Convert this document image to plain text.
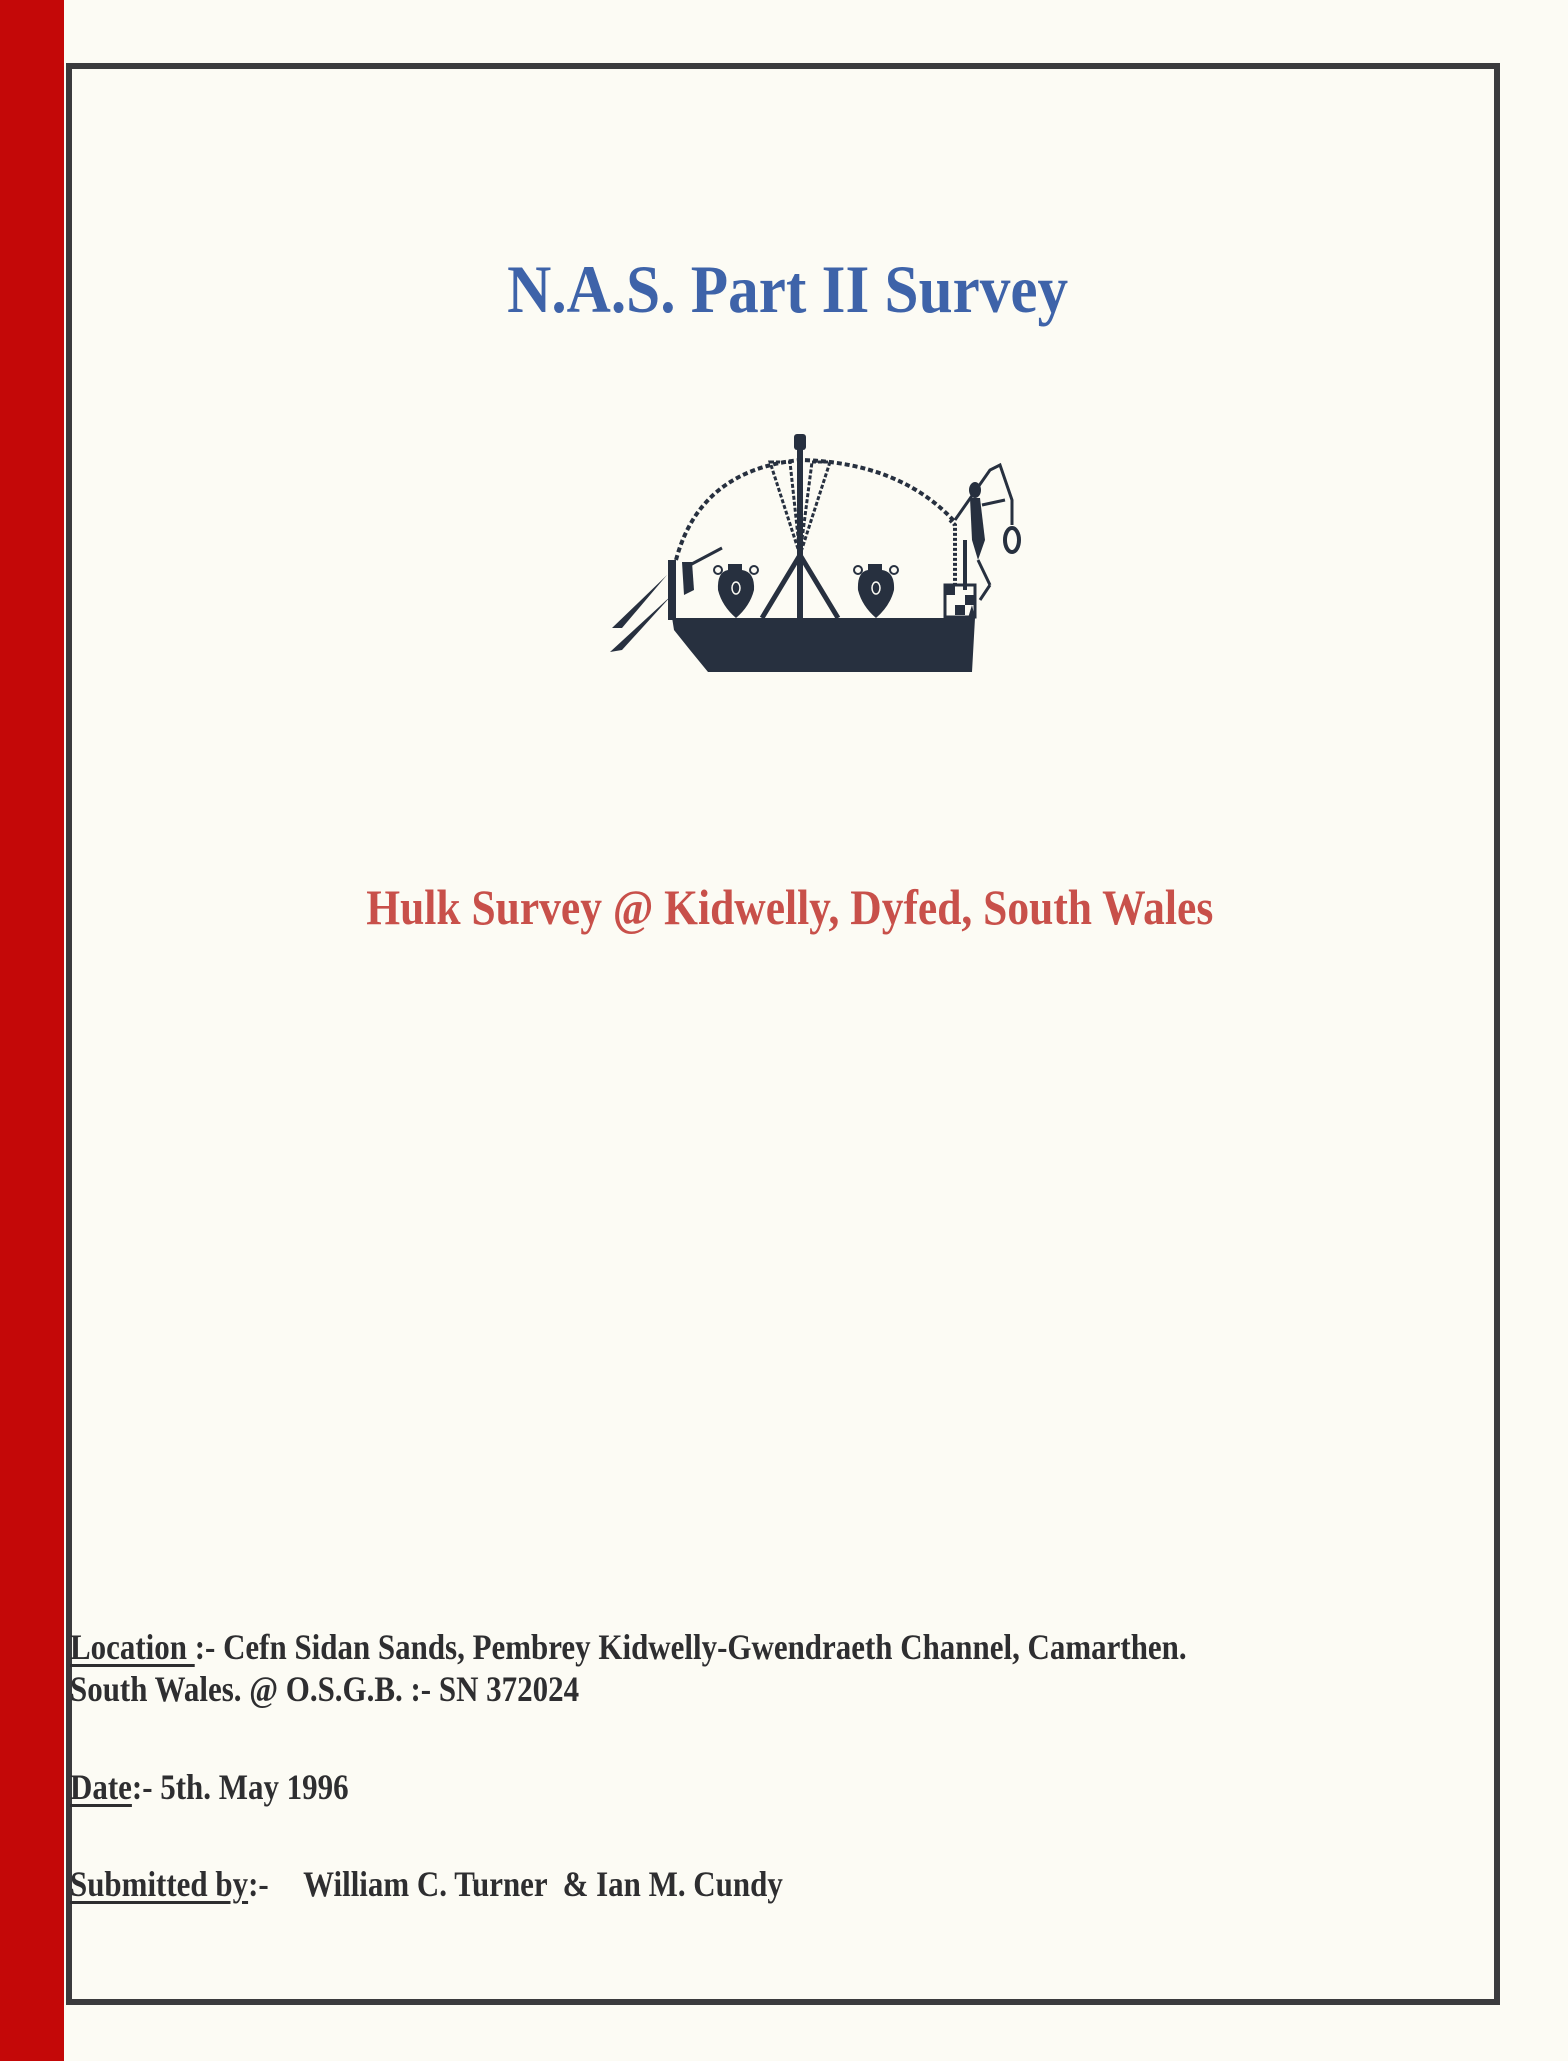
N.A.S. Part II Survey
Hulk Survey @ Kidwelly, Dyfed, South Wales
Location :- Cefn Sidan Sands, Pembrey Kidwelly-Gwendraeth Channel, Camarthen.
South Wales. @ O.S.G.B. :- SN 372024
Date:- 5th. May 1996
Submitted by:- William C. Turner  & Ian M. Cundy
